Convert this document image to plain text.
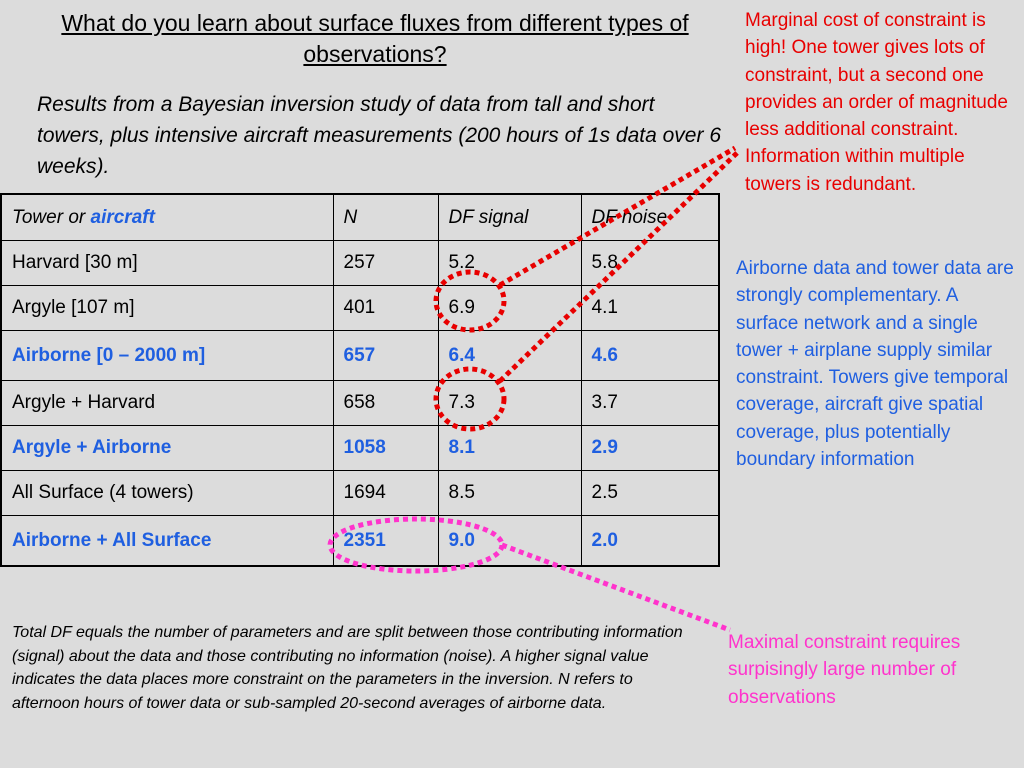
What do you learn about surface fluxes from different types of observations?
Results from a Bayesian inversion study of data from tall and short towers, plus intensive aircraft measurements (200 hours of 1s data over 6 weeks).
Tower or aircraft	N	DF signal	DF noise
Harvard [30 m]	257	5.2	5.8
Argyle [107 m]	401	6.9	4.1
Airborne [0 – 2000 m]	657	6.4	4.6
Argyle + Harvard	658	7.3	3.7
Argyle + Airborne	1058	8.1	2.9
All Surface (4 towers)	1694	8.5	2.5
Airborne + All Surface	2351	9.0	2.0
Marginal cost of constraint is high! One tower gives lots of constraint, but a second one provides an order of magnitude less additional constraint. Information within multiple towers is redundant.
Airborne data and tower data are strongly complementary. A surface network and a single tower + airplane supply similar constraint. Towers give temporal coverage, aircraft give spatial coverage, plus potentially boundary information
Maximal constraint requires surpisingly large number of observations
Total DF equals the number of parameters and are split between those contributing information (signal) about the data and those contributing no information (noise). A higher signal value indicates the data places more constraint on the parameters in the inversion. N refers to afternoon hours of tower data or sub-sampled 20-second averages of airborne data.
